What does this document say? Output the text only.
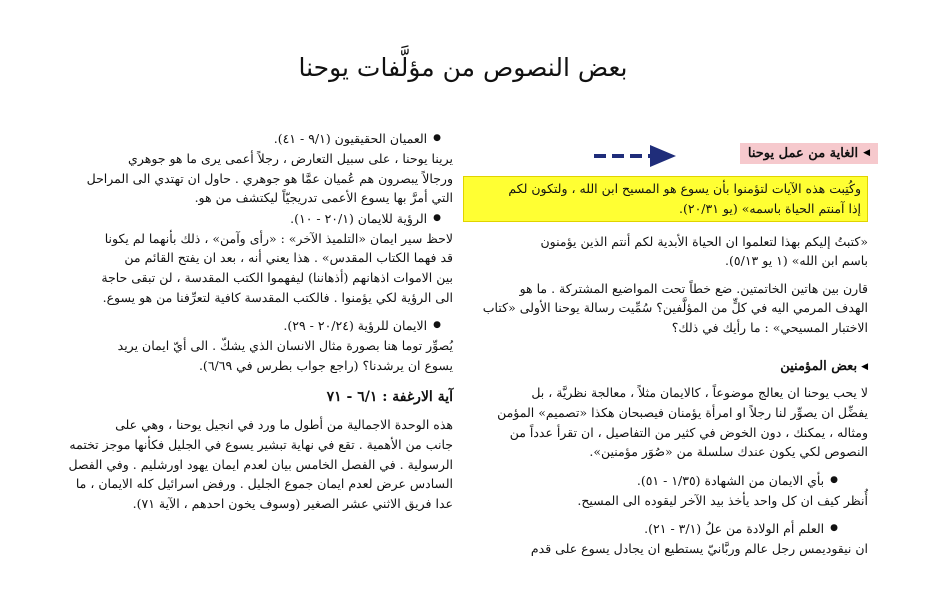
بعض النصوص من مؤلَّفات يوحنا
◀
الغاية من عمل يوحنا

وكُتِبت هذه الآيات لتؤمنوا بأن يسوع هو المسيح ابن الله ، ولتكون لكم

إذا آمنتم الحياة باسمه» (يو ٢٠/٣١).

«كتبتُ إليكم بهذا لتعلموا ان الحياة الأبدية لكم أنتم الذين يؤمنون

باسم ابن الله» (١ يو ٥/١٣).

قارن بين هاتين الخاتمتين. ضع خطاً تحت المواضيع المشتركة . ما هو

الهدف المرمي اليه في كلٍّ من المؤلَّفين؟ سُمِّيت رسالة يوحنا الأولى «كتاب

الاختبار المسيحي» : ما رأيك في ذلك؟

◀
بعض المؤمنين

لا يحب يوحنا ان يعالج موضوعاً ، كالايمان مثلاً ، معالجة نظريَّة ، بل

يفضِّل ان يصوِّر لنا رجلاً او امرأة يؤمنان فيصبحان هكذا «تصميم» المؤمن

ومثاله ، يمكنك ، دون الخوض في كثير من التفاصيل ، ان تقرأ عدداً من

النصوص لكي يكون عندك سلسلة من «صُوَر مؤمنين».

●
بأي الايمان من الشهادة (١/٣٥ - ٥١).

أُنظر كيف ان كل واحد يأخذ بيد الآخر ليقوده الى المسيح.

●
العلم أم الولادة من علُ (٣/١ - ٢١).

ان نيقوديمس رجل عالم وربَّانيّ يستطيع ان يجادل يسوع على قدم

●
العميان الحقيقيون (٩/١ - ٤١).

يرينا يوحنا ، على سبيل التعارض ، رجلاً أعمى يرى ما هو جوهري

ورجالاً يبصرون هم عُميان عمَّا هو جوهري . حاول ان تهتدي الى المراحل

التي أمرَّ بها يسوع الأعمى تدريجيّاً ليكتشف من هو.

●
الرؤية للايمان (٢٠/١ - ١٠).

لاحظ سير ايمان «التلميذ الآخر» : «رأى وآمن» ، ذلك بأنهما لم يكونا

قد فهما الكتاب المقدس» . هذا يعني أنه ، بعد ان يفتح القائم من

بين الاموات اذهانهم (أذهاننا) ليفهموا الكتب المقدسة ، لن تبقى حاجة

الى الرؤية لكي يؤمنوا . فالكتب المقدسة كافية لتعرِّفنا من هو يسوع.

●
الايمان للرؤية (٢٠/٢٤ - ٢٩).

يُصوِّر توما هنا بصورة مثال الانسان الذي يشكّ . الى أيّ ايمان يريد

يسوع ان يرشدنا؟ (راجع جواب بطرس في ٦/٦٩).

آية الارغفة : ٦/١ - ٧١

هذه الوحدة الاجمالية من أطول ما ورد في انجيل يوحنا ، وهي على

جانب من الأهمية . تقع في نهاية تبشير يسوع في الجليل فكأنها موجز تختمه

الرسولية . في الفصل الخامس بيان لعدم ايمان يهود اورشليم . وفي الفصل

السادس عرض لعدم ايمان جموع الجليل . ورفض اسرائيل كله الايمان ، ما

عدا فريق الاثني عشر الصغير (وسوف يخون احدهم ، الآية ٧١).
